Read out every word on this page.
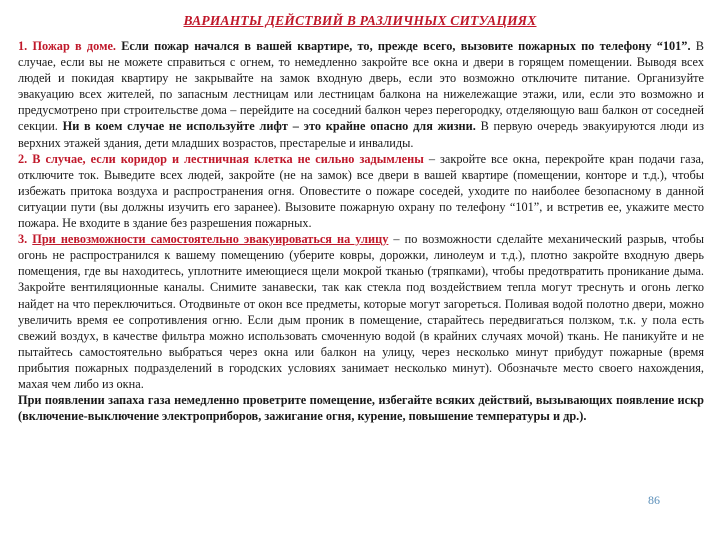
ВАРИАНТЫ ДЕЙСТВИЙ В РАЗЛИЧНЫХ СИТУАЦИЯХ

1. Пожар в доме. Если пожар начался в вашей квартире, то, прежде всего, вызовите пожарных по телефону “101”. В случае, если вы не можете справиться с огнем, то немедленно закройте все окна и двери в горящем помещении. Выводя всех людей и покидая квартиру не закрывайте на замок входную дверь, если это возможно отключите питание. Организуйте эвакуацию всех жителей, по запасным лестницам или лестницам балкона на нижележащие этажи, или, если это возможно и предусмотрено при строительстве дома – перейдите на соседний балкон через перегородку, отделяющую ваш балкон от соседней секции. Ни в коем случае не используйте лифт – это крайне опасно для жизни. В первую очередь эвакуируются люди из верхних этажей здания, дети младших возрастов, престарелые и инвалиды.

2. В случае, если коридор и лестничная клетка не сильно задымлены – закройте все окна, перекройте кран подачи газа, отключите ток. Выведите всех людей, закройте (не на замок) все двери в вашей квартире (помещении, конторе и т.д.), чтобы избежать притока воздуха и распространения огня. Оповестите о пожаре соседей, уходите по наиболее безопасному в данной ситуации пути (вы должны изучить его заранее). Вызовите пожарную охрану по телефону “101”, и встретив ее, укажите место пожара. Не входите в здание без разрешения пожарных.

3. При невозможности самостоятельно эвакуироваться на улицу – по возможности сделайте механический разрыв, чтобы огонь не распространился к вашему помещению (уберите ковры, дорожки, линолеум и т.д.), плотно закройте входную дверь помещения, где вы находитесь, уплотните имеющиеся щели мокрой тканью (тряпками), чтобы предотвратить проникание дыма. Закройте вентиляционные каналы. Снимите занавески, так как стекла под воздействием тепла могут треснуть и огонь легко найдет на что переключиться. Отодвиньте от окон все предметы, которые могут загореться. Поливая водой полотно двери, можно увеличить время ее сопротивления огню. Если дым проник в помещение, старайтесь передвигаться ползком, т.к. у пола есть свежий воздух, в качестве фильтра можно использовать смоченную водой (в крайних случаях мочой) ткань. Не паникуйте и не пытайтесь самостоятельно выбраться через окна или балкон на улицу, через несколько минут прибудут пожарные (время прибытия пожарных подразделений в городских условиях занимает несколько минут). Обозначьте место своего нахождения, махая чем либо из окна.

При появлении запаха газа немедленно проветрите помещение, избегайте всяких действий, вызывающих появление искр (включение-выключение электроприборов, зажигание огня, курение, повышение температуры и др.).

86
